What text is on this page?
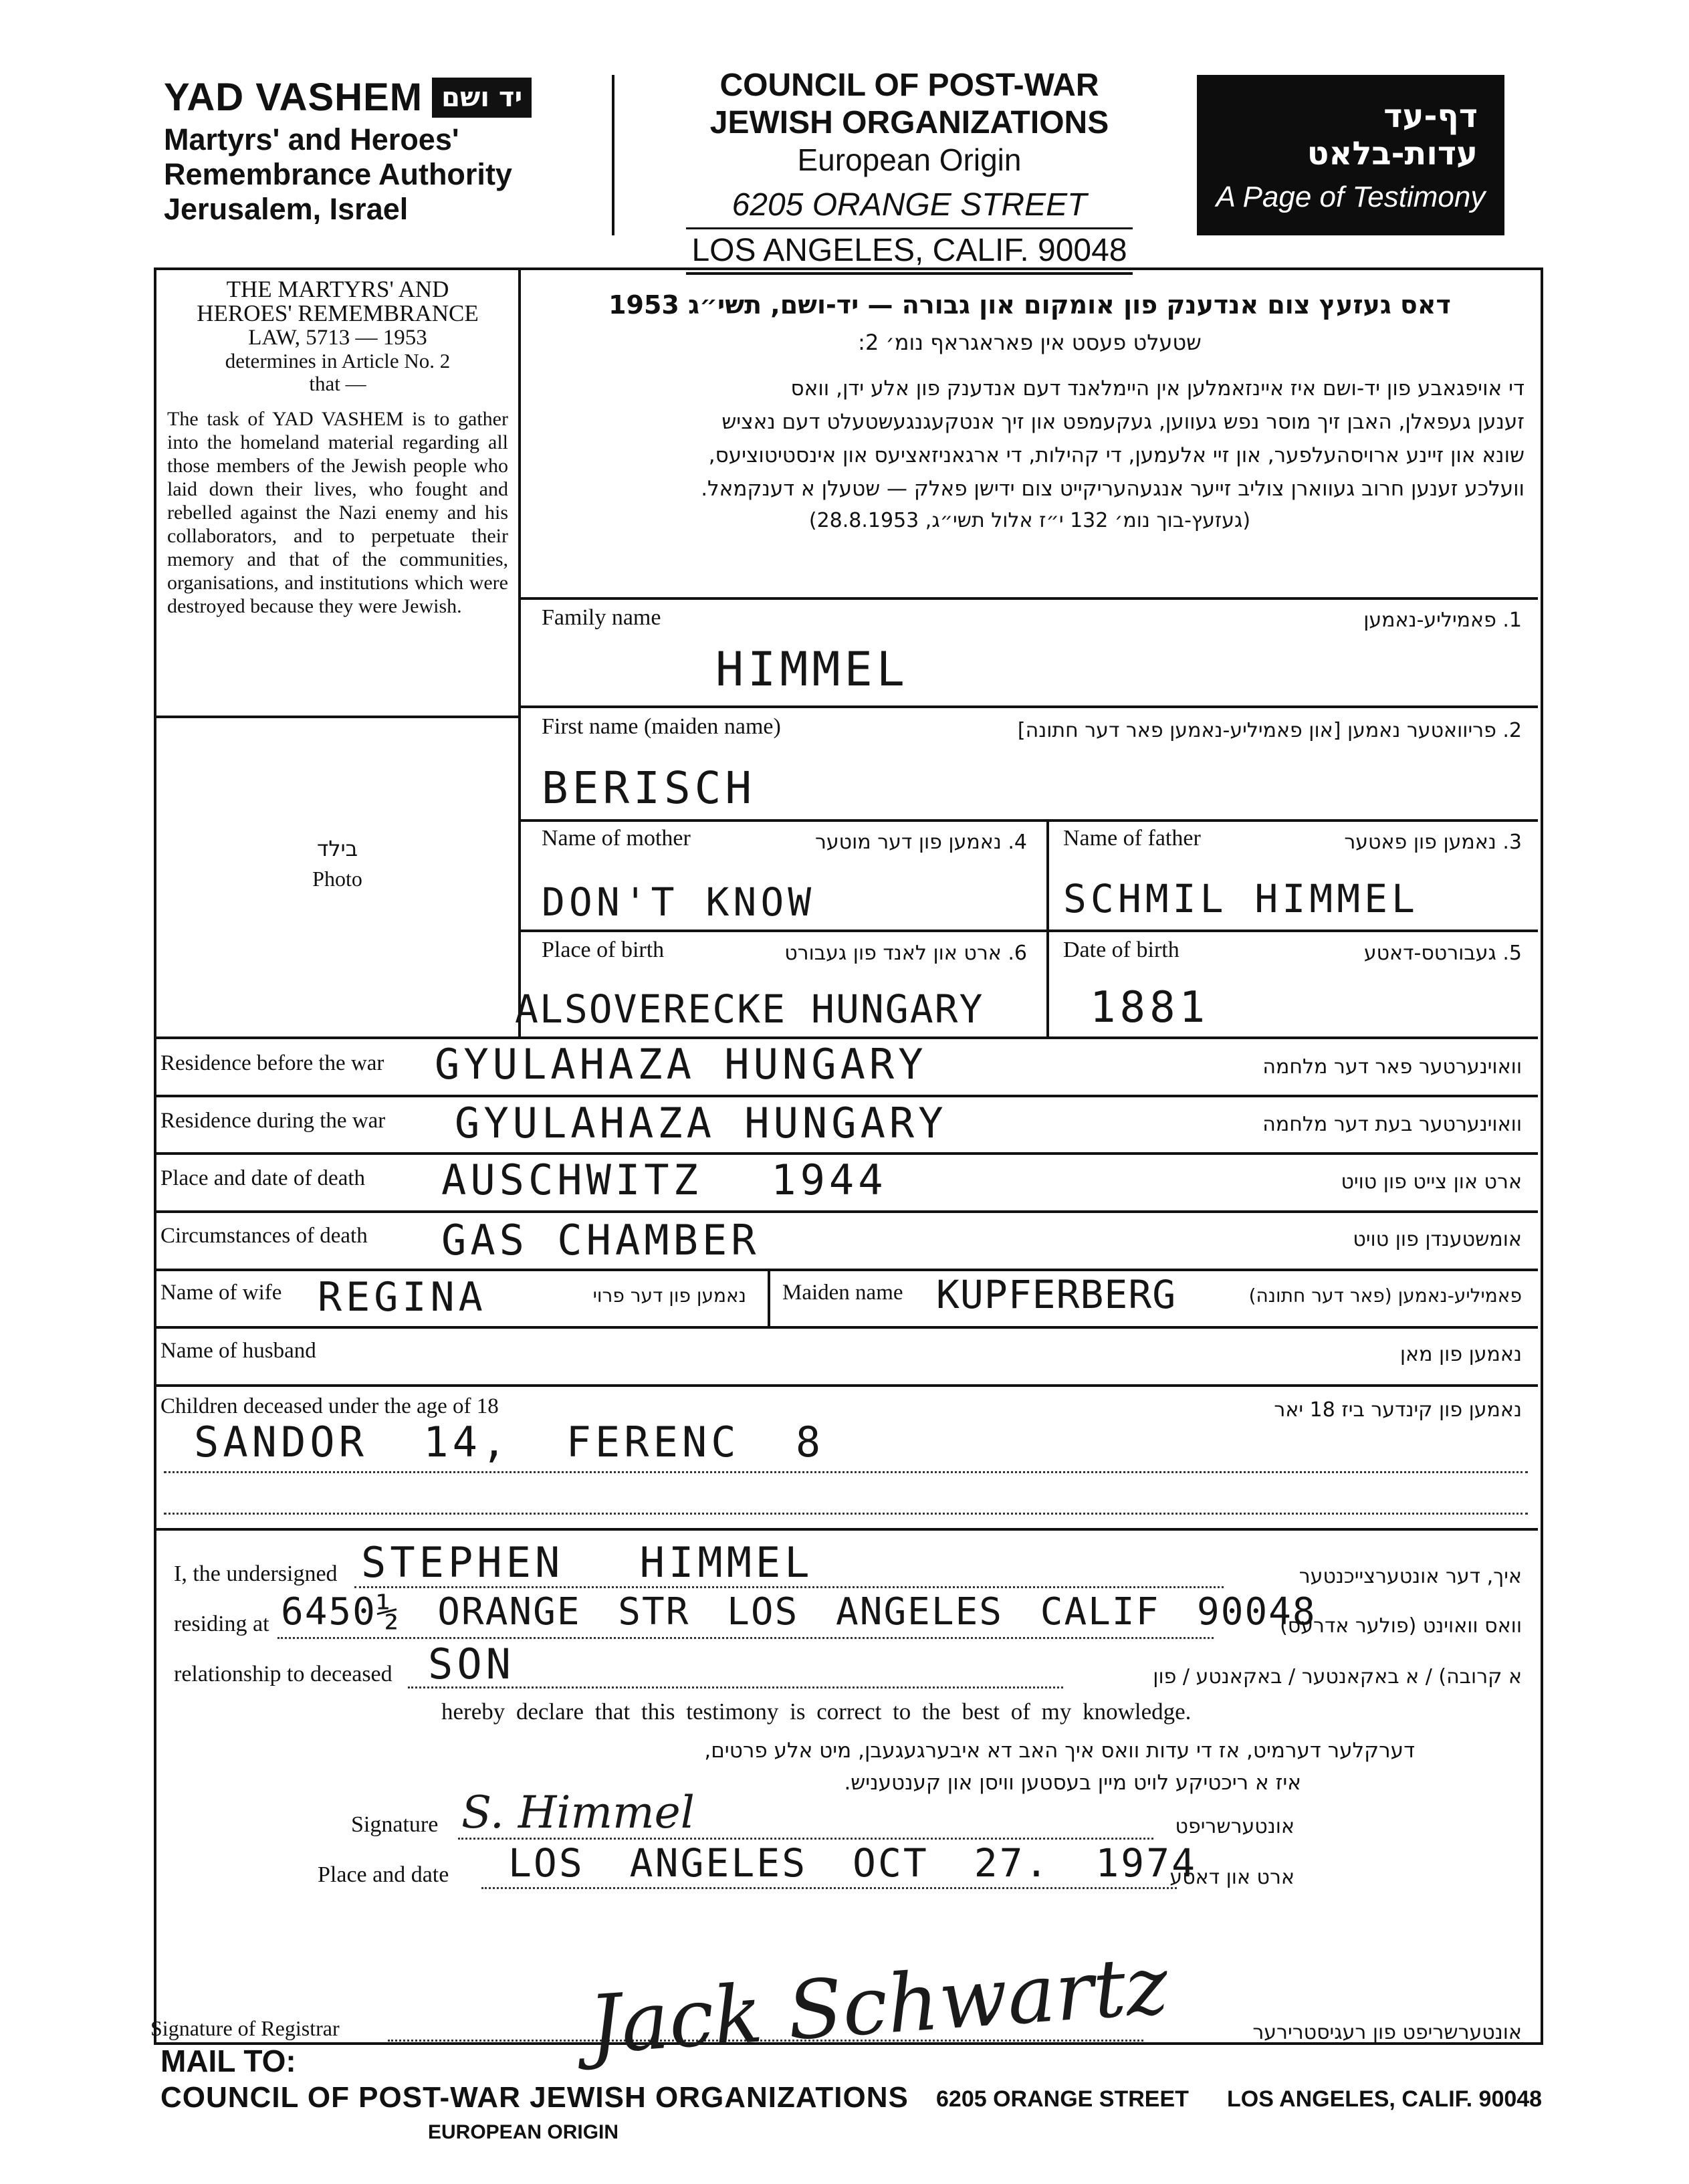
YAD VASHEM יד ושם
Martyrs' and Heroes'
Remembrance Authority
Jerusalem, Israel
COUNCIL OF POST-WAR
JEWISH ORGANIZATIONS
European Origin
6205 ORANGE STREET
LOS ANGELES, CALIF. 90048
דף-עד
עדות-בלאט
A Page of Testimony
THE MARTYRS' AND
HEROES' REMEMBRANCE
LAW, 5713 — 1953
determines in Article No. 2
that —
The task of YAD VASHEM is to gather into the homeland material regarding all those members of the Jewish people who laid down their lives, who fought and rebelled against the Nazi enemy and his collaborators, and to perpetuate their memory and that of the communities, organisations, and institutions which were destroyed because they were Jewish.
בילד
Photo
דאס געזעץ צום אנדענק פון אומקום און גבורה — יד-ושם, תשי״ג 1953
שטעלט פעסט אין פאראגראף נומ׳ 2:
די אויפגאבע פון יד-ושם איז איינזאמלען אין היימלאנד דעם אנדענק פון אלע ידן, וואס
זענען געפאלן, האבן זיך מוסר נפש געווען, געקעמפט און זיך אנטקעגנגעשטעלט דעם נאציש
שונא און זיינע ארויסהעלפער, און זיי אלעמען, די קהילות, די ארגאניזאציעס און אינסטיטוציעס,
וועלכע זענען חרוב געווארן צוליב זייער אנגעהעריקייט צום ידישן פאלק — שטעלן א דענקמאל.
(געזעץ-בוך נומ׳ 132 י״ז אלול תשי״ג, 28.8.1953)
Family name	1. פאמיליע-נאמען
HIMMEL
First name (maiden name)	2. פריוואטער נאמען [און פאמיליע-נאמען פאר דער חתונה]
BERISCH
Name of mother	4. נאמען פון דער מוטער
DON'T KNOW
Name of father	3. נאמען פון פאטער
SCHMIL HIMMEL
Place of birth	6. ארט און לאנד פון געבורט
ALSOVERECKE HUNGARY
Date of birth	5. געבורטס-דאטע
1881
Residence before the war	וואוינערטער פאר דער מלחמה
GYULAHAZA HUNGARY
Residence during the war	וואוינערטער בעת דער מלחמה
GYULAHAZA HUNGARY
Place and date of death	ארט און צייט פון טויט
AUSCHWITZ 1944
Circumstances of death	אומשטענדן פון טויט
GAS CHAMBER
Name of wife REGINA	נאמען פון דער פרוי Maiden name KUPFERBERG	פאמיליע-נאמען (פאר דער חתונה)
Name of husband	נאמען פון מאן
Children deceased under the age of 18	נאמען פון קינדער ביז 18 יאר
SANDOR 14, FERENC 8
I, the undersigned STEPHEN HIMMEL	איך, דער אונטערצייכנטער
residing at 6450½ ORANGE STR LOS ANGELES CALIF 90048
וואס וואוינט (פולער אדרעס)
relationship to deceased SON	א קרובה) / א באקאנטער / באקאנטע / פון
hereby declare that this testimony is correct to the best of my knowledge.
דערקלער דערמיט, אז די עדות וואס איך האב דא איבערגעגעבן, מיט אלע פרטים,
איז א ריכטיקע לויט מיין בעסטען וויסן און קענטעניש.
Signature S. Himmel	אונטערשריפט
Place and date LOS ANGELES OCT 27. 1974
ארט און דאטע
Signature of Registrar	Jack Schwartz	אונטערשריפט פון רעגיסטרירער
MAIL TO:
COUNCIL OF POST-WAR JEWISH ORGANIZATIONS 6205 ORANGE STREET LOS ANGELES, CALIF. 90048
EUROPEAN ORIGIN
